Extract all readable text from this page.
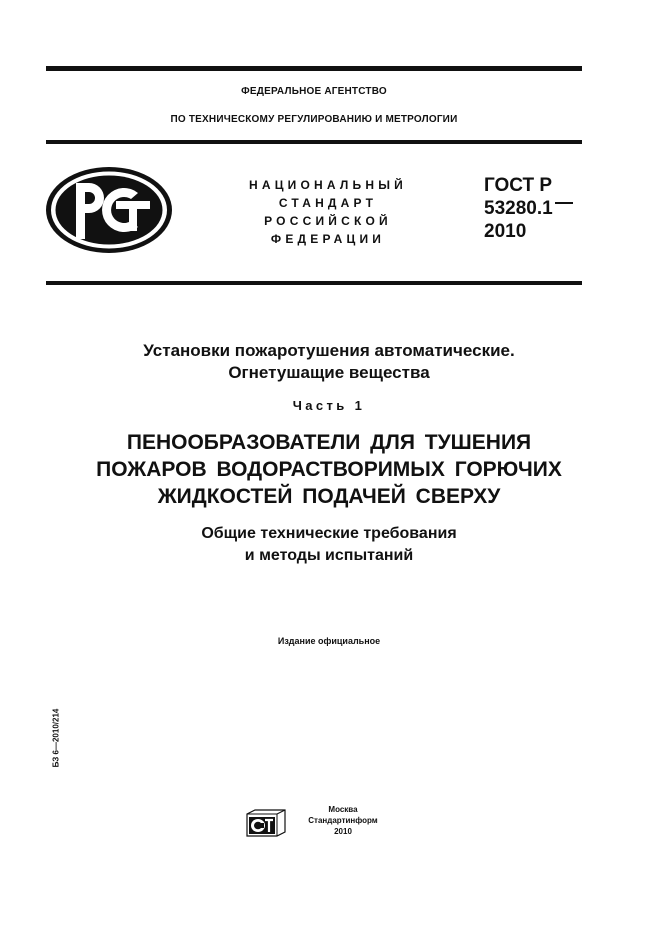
ФЕДЕРАЛЬНОЕ АГЕНТСТВО
ПО ТЕХНИЧЕСКОМУ РЕГУЛИРОВАНИЮ И МЕТРОЛОГИИ
НАЦИОНАЛЬНЫЙ
СТАНДАРТ
РОССИЙСКОЙ
ФЕДЕРАЦИИ
ГОСТ Р
53280.1
2010
Установки пожаротушения автоматические.
Огнетушащие вещества
Часть 1
ПЕНООБРАЗОВАТЕЛИ ДЛЯ ТУШЕНИЯ
ПОЖАРОВ ВОДОРАСТВОРИМЫХ ГОРЮЧИХ
ЖИДКОСТЕЙ ПОДАЧЕЙ СВЕРХУ
Общие технические требования
и методы испытаний
Издание официальное
БЗ 6—2010/214
Москва
Стандартинформ
2010
